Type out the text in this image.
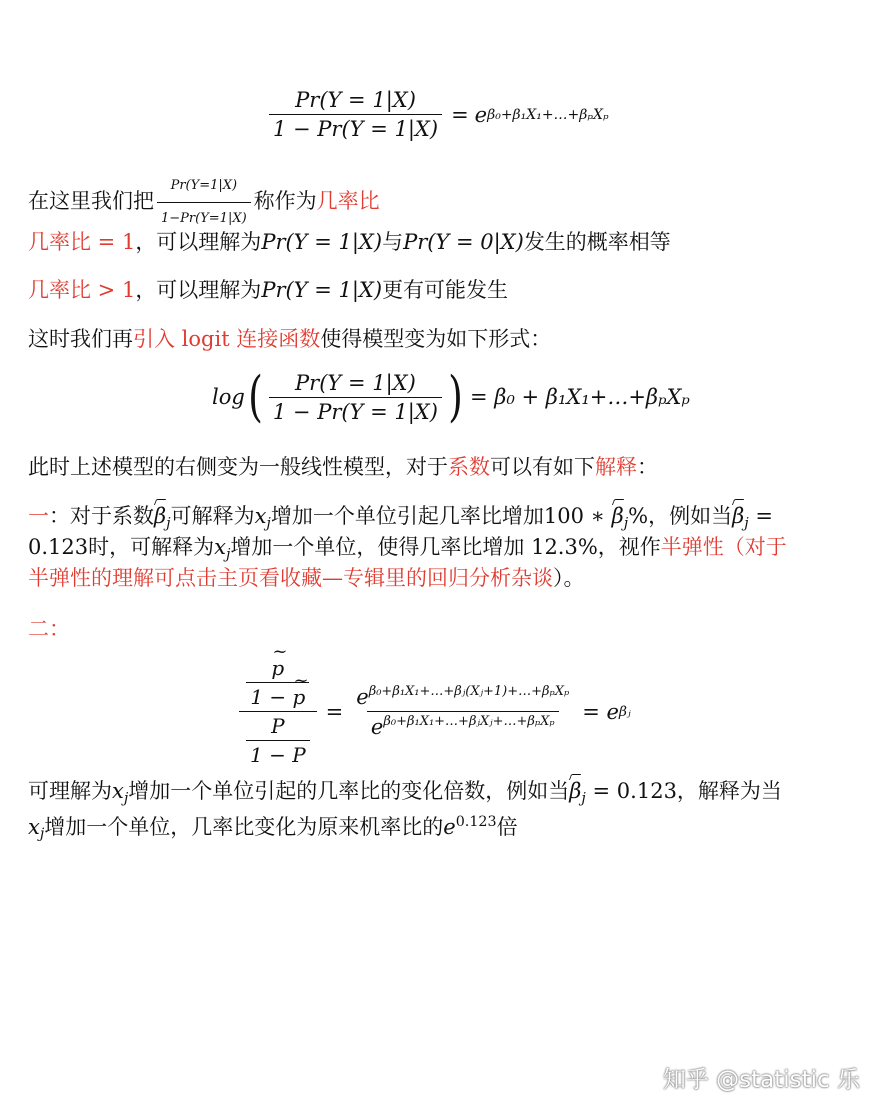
$\frac{Pr(Y = 1|X)}{1 - Pr(Y = 1|X)} = e$ β₀+β₁X₁+…+βₚXₚ
在这里我们把 $\frac{Pr(Y=1|X)}{1-Pr(Y=1|X)}$ 称作为几率比
几率比 = 1，可以理解为Pr(Y = 1|X)与Pr(Y = 0|X)发生的概率相等
几率比 > 1，可以理解为Pr(Y = 1|X)更有可能发生
这时我们再引入 logit 连接函数使得模型变为如下形式：
log ( $\frac{Pr(Y = 1|X)}{1 - Pr(Y = 1|X)}$ ) = β₀ + β₁X₁+…+βₚXₚ
此时上述模型的右侧变为一般线性模型，对于系数可以有如下解释：
一：对于系数$\beta_j$可解释为$x_j$增加一个单位引起几率比增加100 ∗ $\beta_j\%$，例如当$\beta_j$ =
0.123时，可解释为$x_j$增加一个单位，使得几率比增加 12.3%，视作半弹性（对于
半弹性的理解可点击主页看收藏—专辑里的回归分析杂谈）。
二：
~ $\frac{\frac{p}{1 - \sim p}}{\frac{P}{1 - P}} = \frac{e^{\beta_0+\beta_1X_1+\dots+\beta ⱼ(Xⱼ+1)+\dots+\beta_pX_p}}{e^{\beta_0+\beta_1X_1+\dots+\beta ⱼXⱼ+\dots+\beta_pX_p}} = e$ βⱼ
可理解为$x_j$增加一个单位引起的几率比的变化倍数，例如当$\beta_j = 0.123$，解释为当
$x_j$增加一个单位，几率比变化为原来机率比的$e^{0.123}$倍
知乎 @statistic 乐
